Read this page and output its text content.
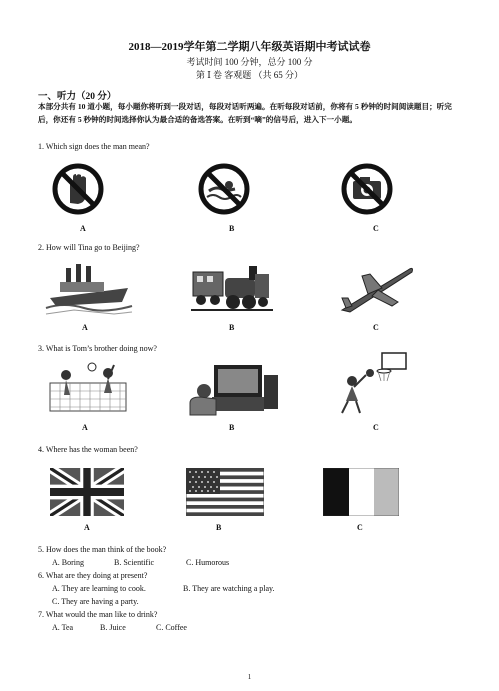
2018—2019学年第二学期八年级英语期中考试试卷
考试时间 100 分钟，总分 100 分
第 Ⅰ 卷 客观题 （共 65 分）
一、听力（20 分）
本部分共有 10 道小题，每小题你将听到一段对话，每段对话听两遍。在听每段对话前，你将有 5 秒钟的时间阅读题目；听完后，你还有 5 秒钟的时间选择你认为最合适的备选答案。在听到“嘀”的信号后，进入下一小题。
1. Which sign does the man mean?
A	B	C
2. How will Tina go to Beijing?
A	B	C
3. What is Tom’s brother doing now?
A	B	C
4. Where has the woman been?
A	B	C
5. How does the man think of the book?
A. Boring	B. Scientific	C. Humorous
6. What are they doing at present?
A. They are learning to cook.	B. They are watching a play.
C. They are having a party.
7. What would the man like to drink?
A. Tea	B. Juice	C. Coffee
1
